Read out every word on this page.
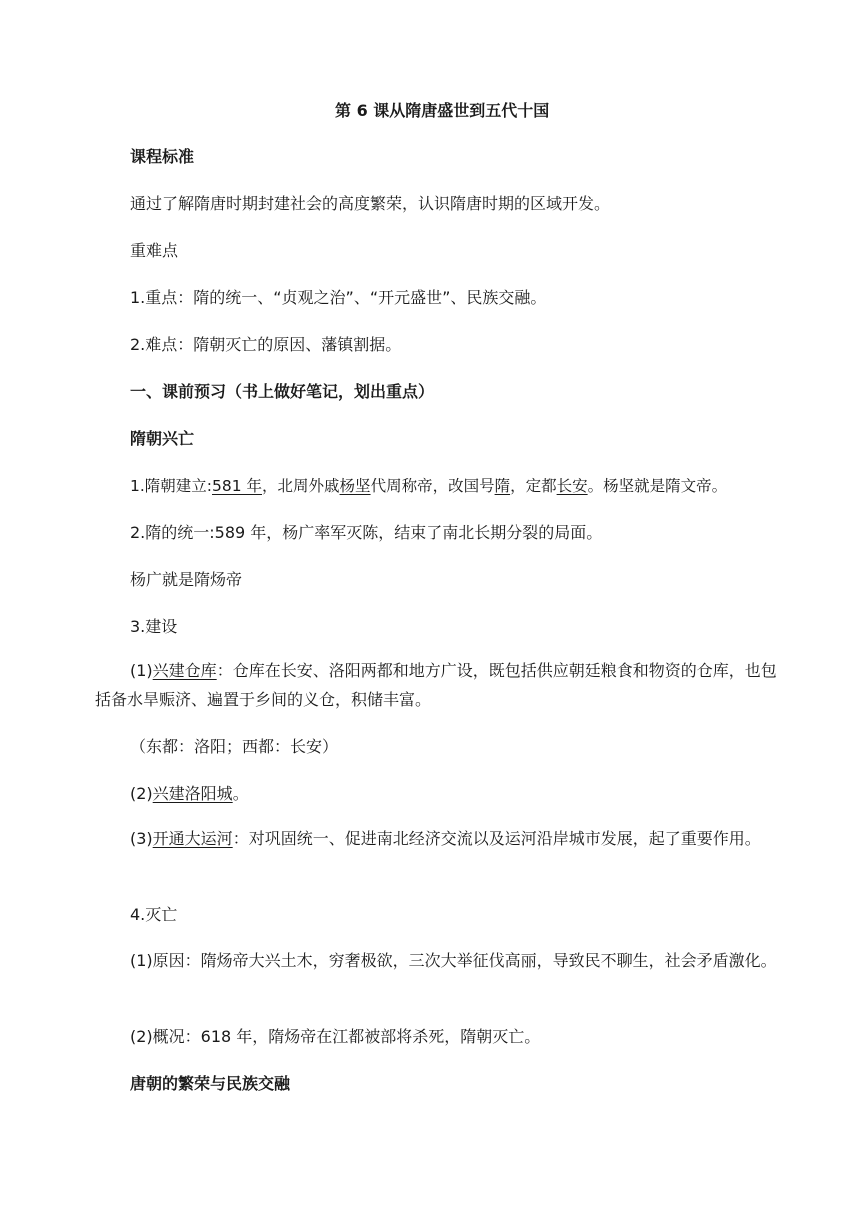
第 6 课从隋唐盛世到五代十国
课程标准
通过了解隋唐时期封建社会的高度繁荣，认识隋唐时期的区域开发。
重难点
1.重点：隋的统一、“贞观之治”、“开元盛世”、民族交融。
2.难点：隋朝灭亡的原因、藩镇割据。
一、课前预习（书上做好笔记，划出重点）
隋朝兴亡
1.隋朝建立:581 年，北周外戚杨坚代周称帝，改国号隋，定都长安。杨坚就是隋文帝。
2.隋的统一:589 年，杨广率军灭陈，结束了南北长期分裂的局面。
杨广就是隋炀帝
3.建设
(1)兴建仓库：仓库在长安、洛阳两都和地方广设，既包括供应朝廷粮食和物资的仓库，也包括备水旱赈济、遍置于乡间的义仓，积储丰富。
（东都：洛阳；西都：长安）
(2)兴建洛阳城。
(3)开通大运河：对巩固统一、促进南北经济交流以及运河沿岸城市发展，起了重要作用。
4.灭亡
(1)原因：隋炀帝大兴土木，穷奢极欲，三次大举征伐高丽，导致民不聊生，社会矛盾激化。
(2)概况：618 年，隋炀帝在江都被部将杀死，隋朝灭亡。
唐朝的繁荣与民族交融
